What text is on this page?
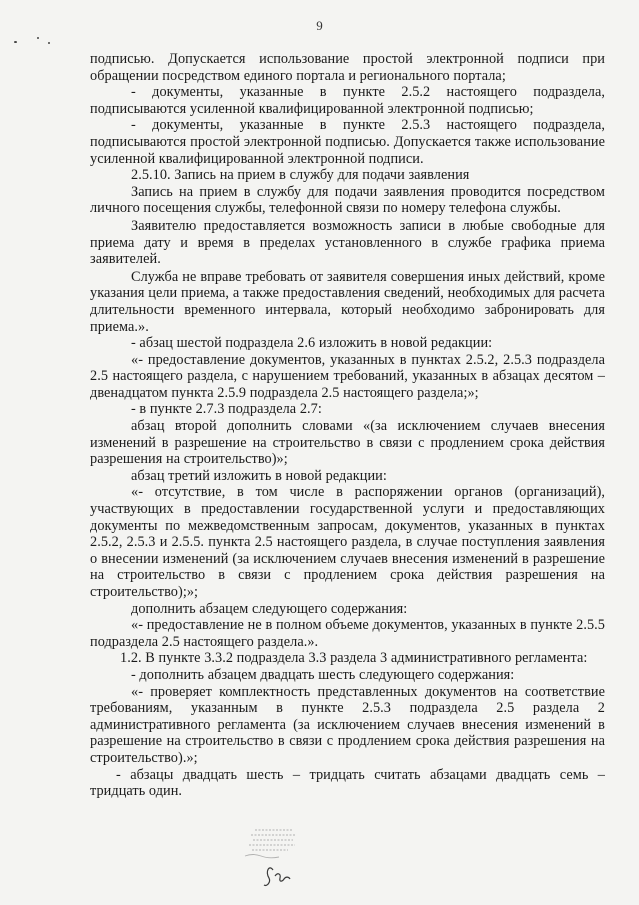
9

подписью. Допускается использование простой электронной подписи при обращении посредством единого портала и регионального портала;

- документы, указанные в пункте 2.5.2 настоящего подраздела, подписываются усиленной квалифицированной электронной подписью;

- документы, указанные в пункте 2.5.3 настоящего подраздела, подписываются простой электронной подписью. Допускается также использование усиленной квалифицированной электронной подписи.

2.5.10. Запись на прием в службу для подачи заявления

Запись на прием в службу для подачи заявления проводится посредством личного посещения службы, телефонной связи по номеру телефона службы.

Заявителю предоставляется возможность записи в любые свободные для приема дату и время в пределах установленного в службе графика приема заявителей.

Служба не вправе требовать от заявителя совершения иных действий, кроме указания цели приема, а также предоставления сведений, необходимых для расчета длительности временного интервала, который необходимо забронировать для приема.».

- абзац шестой подраздела 2.6 изложить в новой редакции:

«- предоставление документов, указанных в пунктах 2.5.2, 2.5.3 подраздела 2.5 настоящего раздела, с нарушением требований, указанных в абзацах десятом – двенадцатом пункта 2.5.9 подраздела 2.5 настоящего раздела;»;

- в пункте 2.7.3 подраздела 2.7:

абзац второй дополнить словами «(за исключением случаев внесения изменений в разрешение на строительство в связи с продлением срока действия разрешения на строительство)»;

абзац третий изложить в новой редакции:

«- отсутствие, в том числе в распоряжении органов (организаций), участвующих в предоставлении государственной услуги и предоставляющих документы по межведомственным запросам, документов, указанных в пунктах 2.5.2, 2.5.3 и 2.5.5. пункта 2.5 настоящего раздела, в случае поступления заявления о внесении изменений (за исключением случаев внесения изменений в разрешение на строительство в связи с продлением срока действия разрешения на строительство);»;

дополнить абзацем следующего содержания:

«- предоставление не в полном объеме документов, указанных в пункте 2.5.5 подраздела 2.5 настоящего раздела.».

1.2. В пункте 3.3.2 подраздела 3.3 раздела 3 административного регламента:

- дополнить абзацем двадцать шесть следующего содержания:

«- проверяет комплектность представленных документов на соответствие требованиям, указанным в пункте 2.5.3 подраздела 2.5 раздела 2 административного регламента (за исключением случаев внесения изменений в разрешение на строительство в связи с продлением срока действия разрешения на строительство).»;

- абзацы двадцать шесть – тридцать считать абзацами двадцать семь – тридцать один.
